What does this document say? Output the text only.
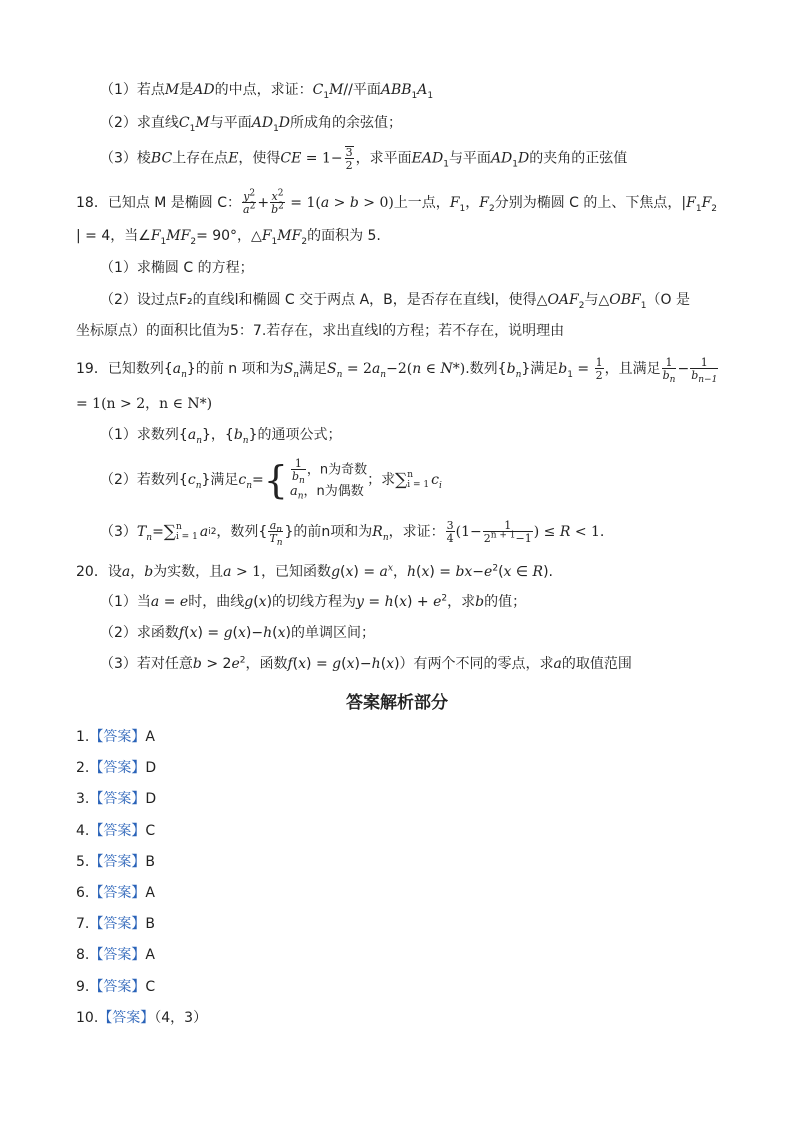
（1）若点M是AD的中点，求证：$C_1M//$平面$ABB_1A_1$
（2）求直线$C_1M$与平面$AD_1D$所成角的余弦值；
（3）棱BC上存在点E，使得CE = $1- \frac{3}{2}$ ，求平面$EAD_1$与平面$AD_1D$的夹角的正弦值
18．已知点 M 是椭圆 C： $\frac{y^2}{a^2} + \frac{x^2}{b^2} = 1(a > b > 0)$上一点，$F_1$，$F_2$分别为椭圆 C 的上、下焦点，$|F_1F_2$
| = 4，当$\angle F_1MF_2= 90^\circ$，$\triangle F_1MF_2$的面积为 5.
（1）求椭圆 C 的方程；
（2）设过点F₂的直线l和椭圆 C 交于两点 A，B，是否存在直线l，使得$\triangle OAF_2$与$\triangle OBF_1(O$ 是
坐标原点）的面积比值为5：7.若存在，求出直线l的方程；若不存在，说明理由
19．已知数列$\{a_n\}$的前 n 项和为$S_n$满足$S_n = 2a_n-2(n$ ∈ N*).数列$\{b_n\}$满足$b_1 = \frac{1}{2}$ ，且满足 $\frac{1}{b_n} - \frac{1}{b_{n-1}}$
= 1(n > 2，n ∈ N*)
（1）求数列$\{a_n\}$，$\{b_n\}$的通项公式；
（2）若数列 { $c_n$ } 满足 $c_n$ = { $\frac{1}{b_n}$ ，n为奇数
$a_n$，n为偶数
；求 ∑ n
i = 1 $c_i$
（3） $T_n$ = ∑ n
i = 1 a i 2 ，数列 { $\frac{a_n}{T_n}$ } 的前n项和为 $R_n$ ，求证： $\frac{3}{4} (1- \frac{1}{2^{n + 1}-1}$ ) ≤ R < 1.
20．设a，b为实数，且a > 1，已知函数$g(x) = a^x$，$h(x) = bx-e^2(x$ ∈ R).
（1）当a = e时，曲线g(x)的切线方程为$y = h(x) + e^2$，求b的值；
（2）求函数f(x) = g(x)−h(x)的单调区间；
（3）若对任意$b > 2e^2$，函数f(x) = g(x)−h(x)）有两个不同的零点，求a的取值范围
答案解析部分
1.【答案】A
2.【答案】D
3.【答案】D
4.【答案】C
5.【答案】B
6.【答案】A
7.【答案】B
8.【答案】A
9.【答案】C
10.【答案】（4，3）
